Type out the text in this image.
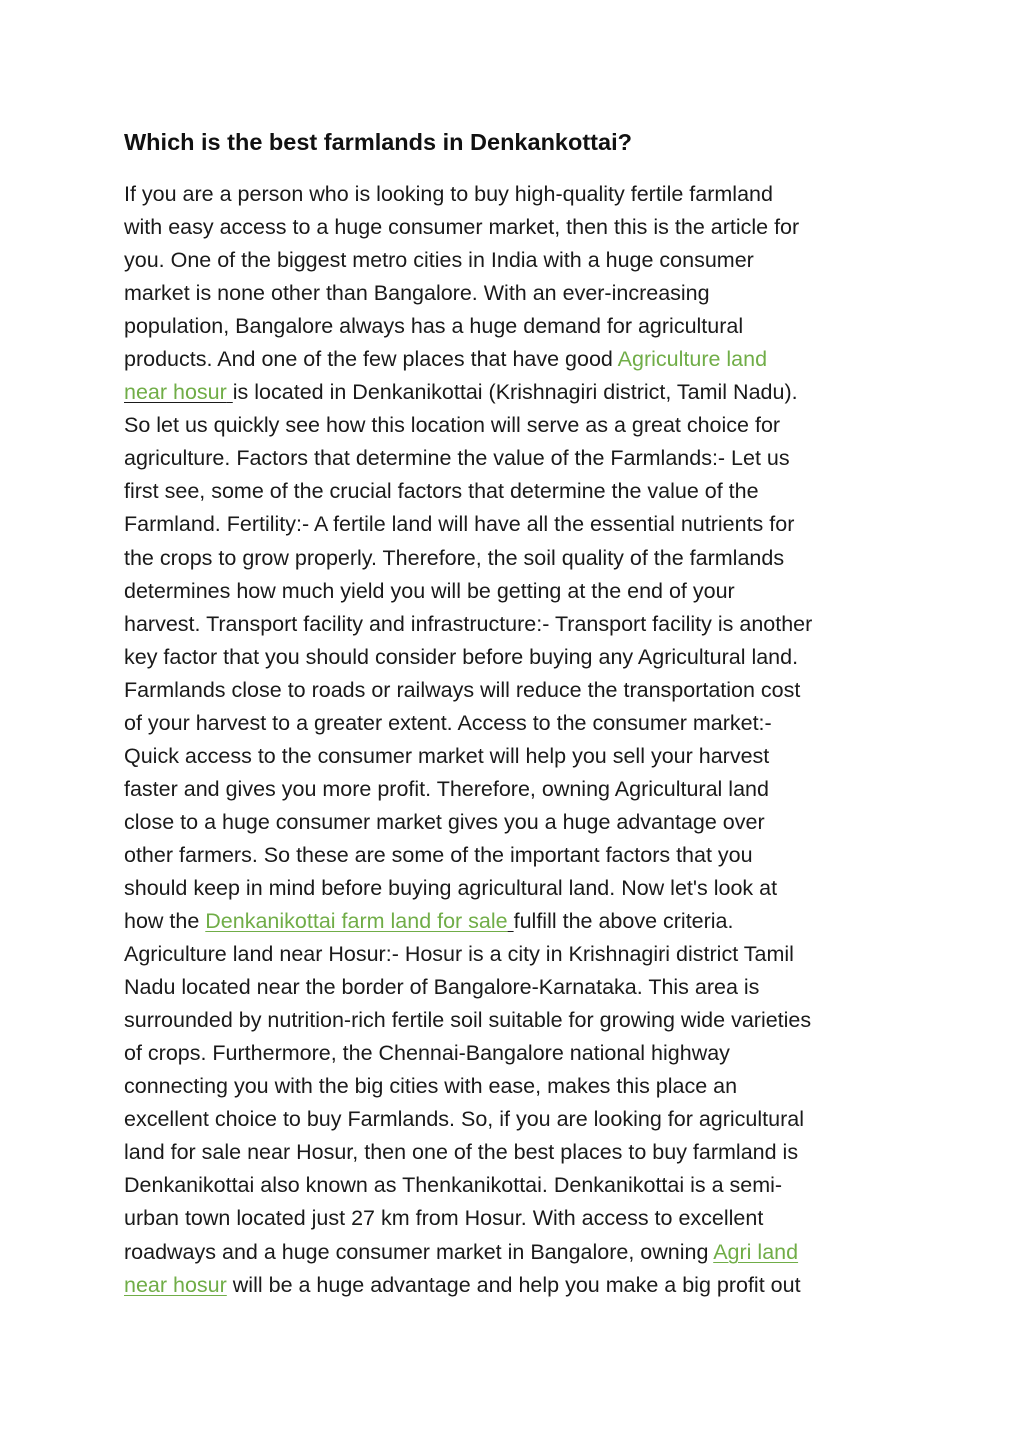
Which is the best farmlands in Denkankottai?
If you are a person who is looking to buy high-quality fertile farmland
with easy access to a huge consumer market, then this is the article for
you. One of the biggest metro cities in India with a huge consumer
market is none other than Bangalore. With an ever-increasing
population, Bangalore always has a huge demand for agricultural
products. And one of the few places that have good Agriculture land
near hosur is located in Denkanikottai (Krishnagiri district, Tamil Nadu).
So let us quickly see how this location will serve as a great choice for
agriculture. Factors that determine the value of the Farmlands:- Let us
first see, some of the crucial factors that determine the value of the
Farmland. Fertility:- A fertile land will have all the essential nutrients for
the crops to grow properly. Therefore, the soil quality of the farmlands
determines how much yield you will be getting at the end of your
harvest. Transport facility and infrastructure:- Transport facility is another
key factor that you should consider before buying any Agricultural land.
Farmlands close to roads or railways will reduce the transportation cost
of your harvest to a greater extent. Access to the consumer market:-
Quick access to the consumer market will help you sell your harvest
faster and gives you more profit. Therefore, owning Agricultural land
close to a huge consumer market gives you a huge advantage over
other farmers. So these are some of the important factors that you
should keep in mind before buying agricultural land. Now let's look at
how the Denkanikottai farm land for sale fulfill the above criteria.
Agriculture land near Hosur:- Hosur is a city in Krishnagiri district Tamil
Nadu located near the border of Bangalore-Karnataka. This area is
surrounded by nutrition-rich fertile soil suitable for growing wide varieties
of crops. Furthermore, the Chennai-Bangalore national highway
connecting you with the big cities with ease, makes this place an
excellent choice to buy Farmlands. So, if you are looking for agricultural
land for sale near Hosur, then one of the best places to buy farmland is
Denkanikottai also known as Thenkanikottai. Denkanikottai is a semi-
urban town located just 27 km from Hosur. With access to excellent
roadways and a huge consumer market in Bangalore, owning Agri land
near hosur will be a huge advantage and help you make a big profit out
